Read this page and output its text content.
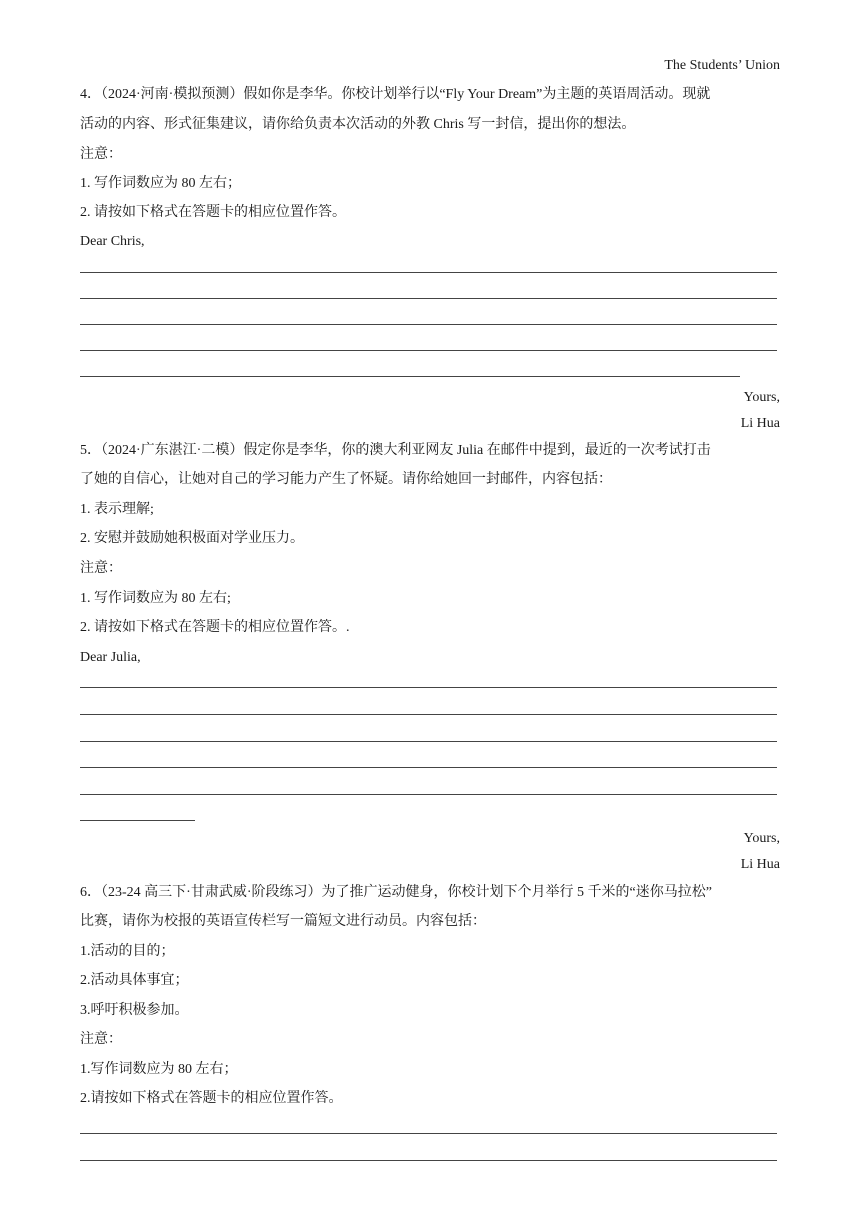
The Students’ Union
4．（2024·河南·模拟预测）假如你是李华。你校计划举行以“Fly Your Dream”为主题的英语周活动。现就
活动的内容、形式征集建议，请你给负责本次活动的外教 Chris 写一封信，提出你的想法。
注意：
1. 写作词数应为 80 左右；
2. 请按如下格式在答题卡的相应位置作答。
Dear Chris,
Yours,
Li Hua
5．（2024·广东湛江·二模）假定你是李华，你的澳大利亚网友 Julia 在邮件中提到，最近的一次考试打击
了她的自信心，让她对自己的学习能力产生了怀疑。请你给她回一封邮件，内容包括：
1. 表示理解;
2. 安慰并鼓励她积极面对学业压力。
注意：
1. 写作词数应为 80 左右;
2. 请按如下格式在答题卡的相应位置作答。.
Dear Julia,
Yours,
Li Hua
6．（23-24 高三下·甘肃武威·阶段练习）为了推广运动健身，你校计划下个月举行 5 千米的“迷你马拉松”
比赛，请你为校报的英语宣传栏写一篇短文进行动员。内容包括：
1.活动的目的；
2.活动具体事宜；
3.呼吁积极参加。
注意：
1.写作词数应为 80 左右；
2.请按如下格式在答题卡的相应位置作答。
